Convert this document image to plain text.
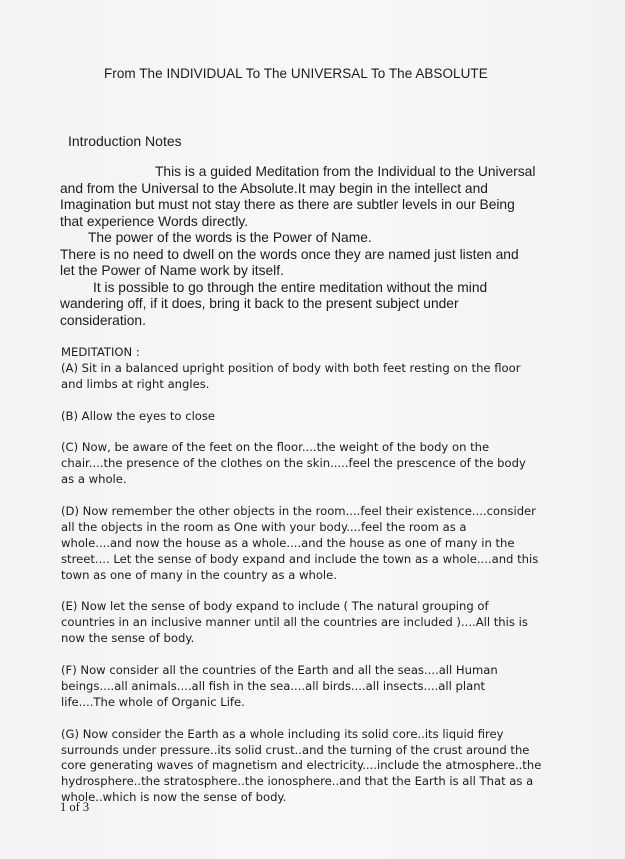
From The INDIVIDUAL To The UNIVERSAL To The ABSOLUTE
Introduction Notes
This is a guided Meditation from the Individual to the Universal
and from the Universal to the Absolute.It may begin in the intellect and
Imagination but must not stay there as there are subtler levels in our Being
that experience Words directly.
The power of the words is the Power of Name.
There is no need to dwell on the words once they are named just listen and
let the Power of Name work by itself.
It is possible to go through the entire meditation without the mind
wandering off, if it does, bring it back to the present subject under
consideration.
MEDITATION :
(A) Sit in a balanced upright position of body with both feet resting on the floor
and limbs at right angles.
(B) Allow the eyes to close
(C) Now, be aware of the feet on the floor....the weight of the body on the
chair....the presence of the clothes on the skin.....feel the prescence of the body
as a whole.
(D) Now remember the other objects in the room....feel their existence....consider
all the objects in the room as One with your body....feel the room as a
whole....and now the house as a whole....and the house as one of many in the
street.... Let the sense of body expand and include the town as a whole....and this
town as one of many in the country as a whole.
(E) Now let the sense of body expand to include ( The natural grouping of
countries in an inclusive manner until all the countries are included )....All this is
now the sense of body.
(F) Now consider all the countries of the Earth and all the seas....all Human
beings....all animals....all fish in the sea....all birds....all insects....all plant
life....The whole of Organic Life.
(G) Now consider the Earth as a whole including its solid core..its liquid firey
surrounds under pressure..its solid crust..and the turning of the crust around the
core generating waves of magnetism and electricity....include the atmosphere..the
hydrosphere..the stratosphere..the ionosphere..and that the Earth is all That as a
whole..which is now the sense of body.
1 of 3
